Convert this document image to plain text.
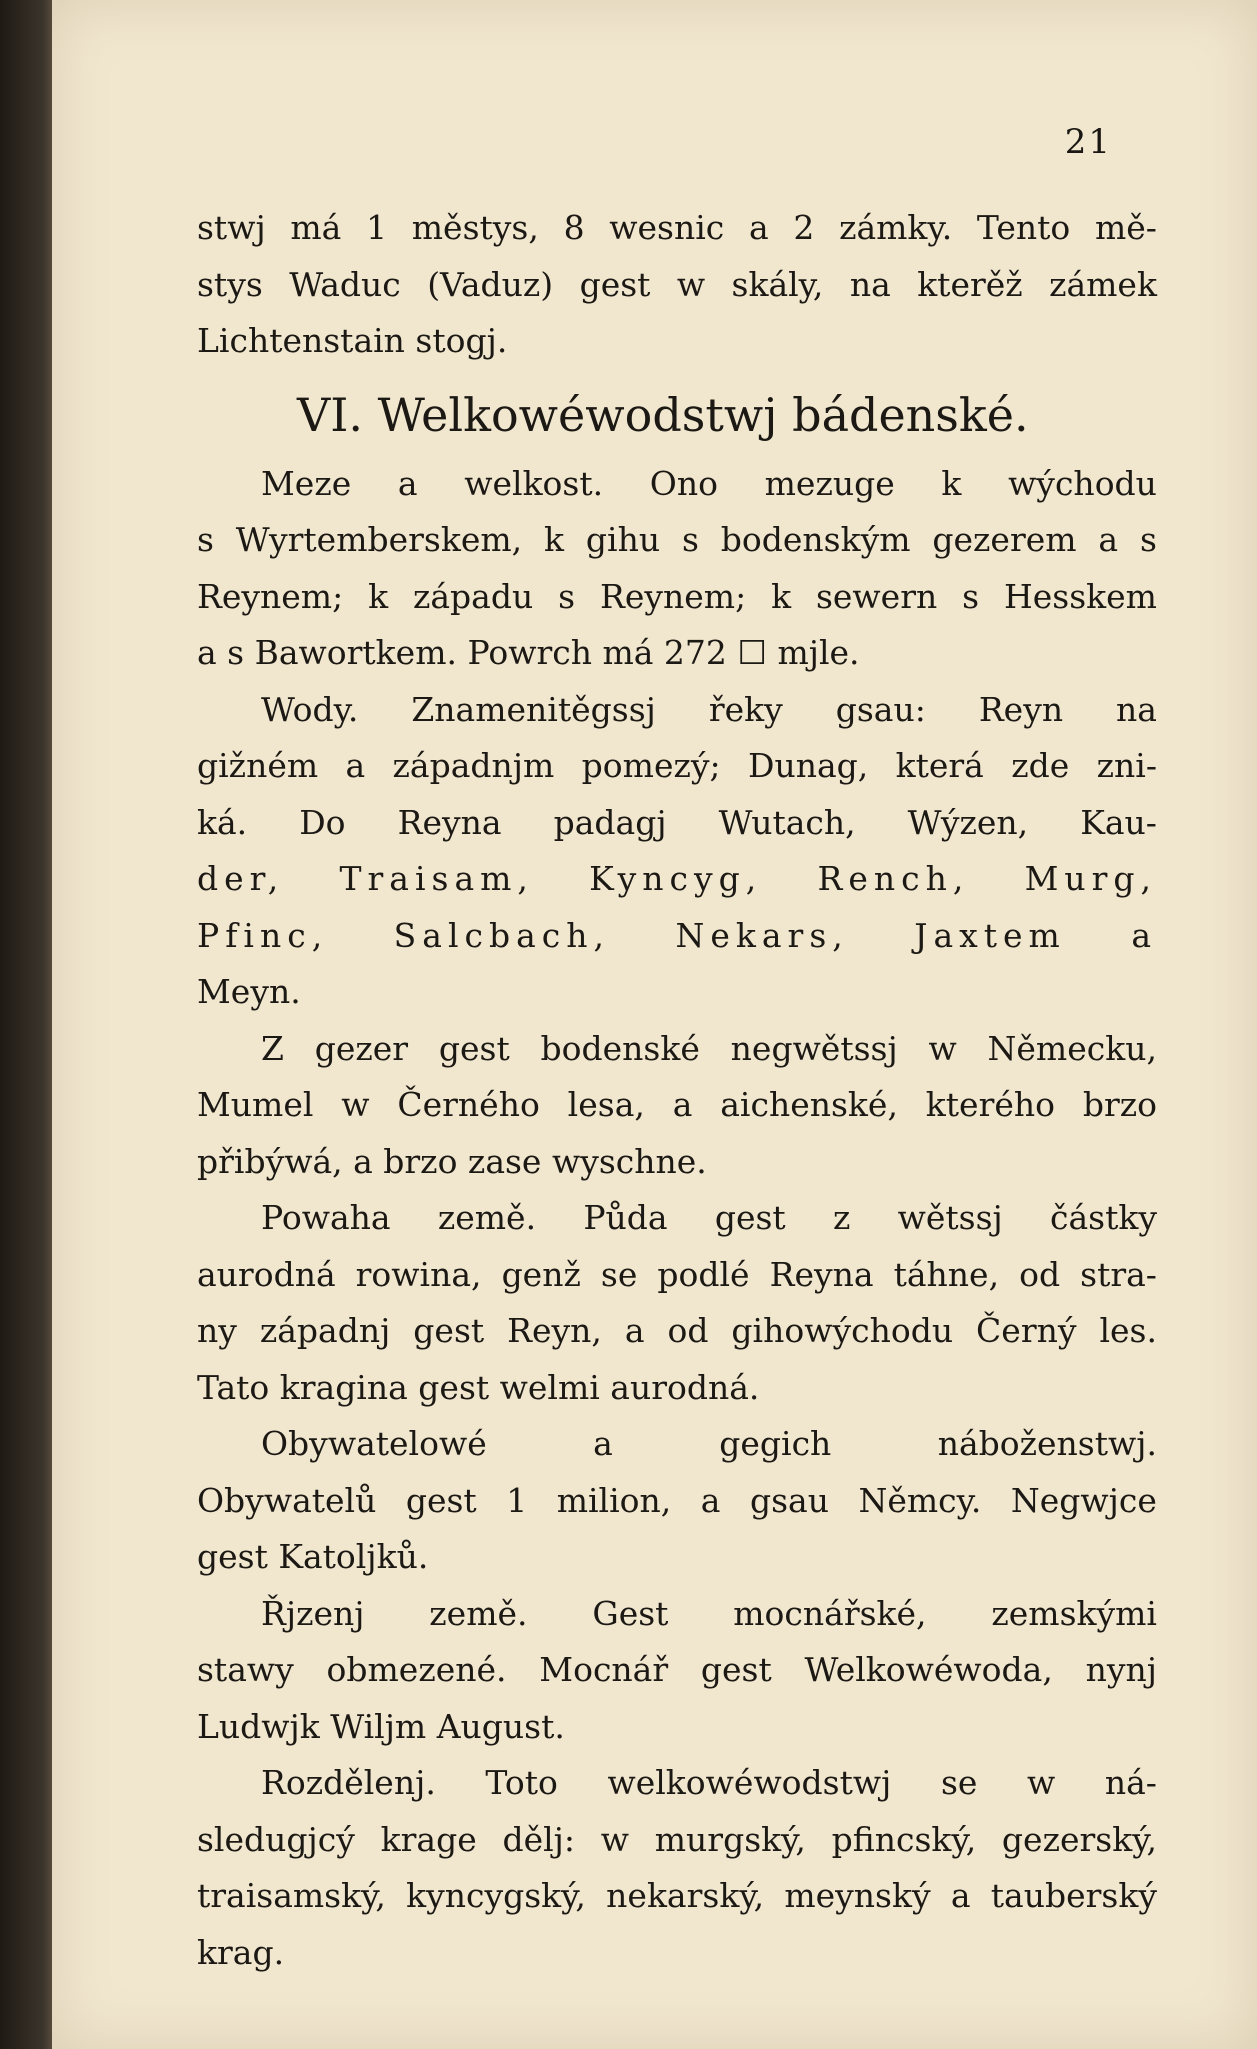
21
stwj má 1 městys, 8 wesnic a 2 zámky. Tento mě-
stys Waduc (Vaduz) gest w skály, na kterěž zámek
Lichtenstain stogj.
VI. Welkowéwodstwj bádenské.
Meze a welkost. Ono mezuge k wýchodu
s Wyrtemberskem, k gihu s bodenským gezerem a s
Reynem; k západu s Reynem; k sewern s Hesskem
a s Bawortkem. Powrch má 272 ☐ mjle.
Wody. Znamenitěgssj řeky gsau: Reyn na
gižném a západnjm pomezý; Dunag, která zde zni-
ká. Do Reyna padagj Wutach, Wýzen, Kau-
der, Traisam, Kyncyg, Rench, Murg,
Pfinc, Salcbach, Nekars, Jaxtem a
Meyn.
Z gezer gest bodenské negwětssj w Německu,
Mumel w Černého lesa, a aichenské, kterého brzo
přibýwá, a brzo zase wyschne.
Powaha země. Půda gest z wětssj částky
aurodná rowina, genž se podlé Reyna táhne, od stra-
ny západnj gest Reyn, a od gihowýchodu Černý les.
Tato kragina gest welmi aurodná.
Obywatelowé	a	gegich	náboženstwj.
Obywatelů gest 1 milion, a gsau Němcy. Negwjce
gest Katoljků.
Řjzenj země. Gest mocnářské, zemskými
stawy obmezené. Mocnář gest Welkowéwoda, nynj
Ludwjk Wiljm August.
Rozdělenj. Toto welkowéwodstwj se w ná-
sledugjcý krage dělj: w murgský, pfincský, gezerský,
traisamský, kyncygský, nekarský, meynský a tauberský
krag.
